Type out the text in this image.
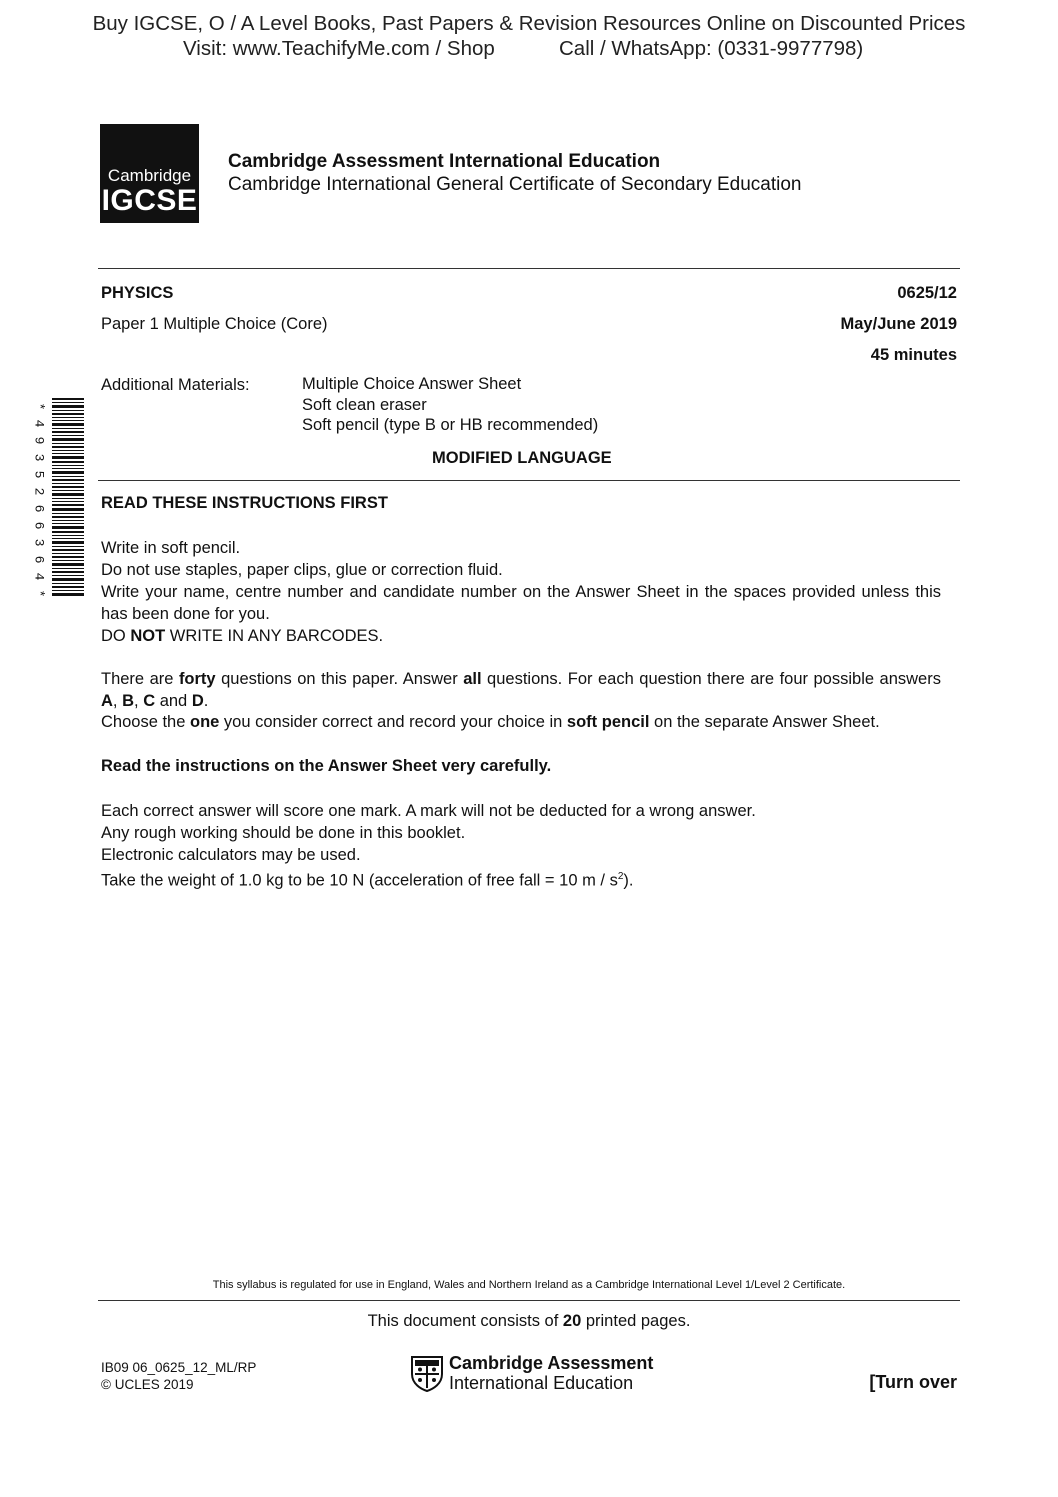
Buy IGCSE, O / A Level Books, Past Papers & Revision Resources Online on Discounted Prices
Visit: www.TeachifyMe.com / Shop	Call / WhatsApp: (0331-9977798)
Cambridge
IGCSE
Cambridge Assessment International Education
Cambridge International General Certificate of Secondary Education
PHYSICS	0625/12
Paper 1 Multiple Choice (Core)	May/June 2019
45 minutes
Additional Materials:	Multiple Choice Answer Sheet
Soft clean eraser
Soft pencil (type B or HB recommended)
MODIFIED LANGUAGE
*
4
9
3
5
2
6
6
3
6
4
*
READ THESE INSTRUCTIONS FIRST
Write in soft pencil.
Do not use staples, paper clips, glue or correction fluid.
Write your name, centre number and candidate number on the Answer Sheet in the spaces provided unless this has been done for you.
DO NOT WRITE IN ANY BARCODES.
There are forty questions on this paper. Answer all questions. For each question there are four possible answers A, B, C and D.
Choose the one you consider correct and record your choice in soft pencil on the separate Answer Sheet.
Read the instructions on the Answer Sheet very carefully.
Each correct answer will score one mark. A mark will not be deducted for a wrong answer.
Any rough working should be done in this booklet.
Electronic calculators may be used.
Take the weight of 1.0 kg to be 10 N (acceleration of free fall = 10 m / $s^2$).
This syllabus is regulated for use in England, Wales and Northern Ireland as a Cambridge International Level 1/Level 2 Certificate.
This document consists of 20 printed pages.
IB09 06_0625_12_ML/RP
© UCLES 2019
Cambridge Assessment
International Education	[Turn over
